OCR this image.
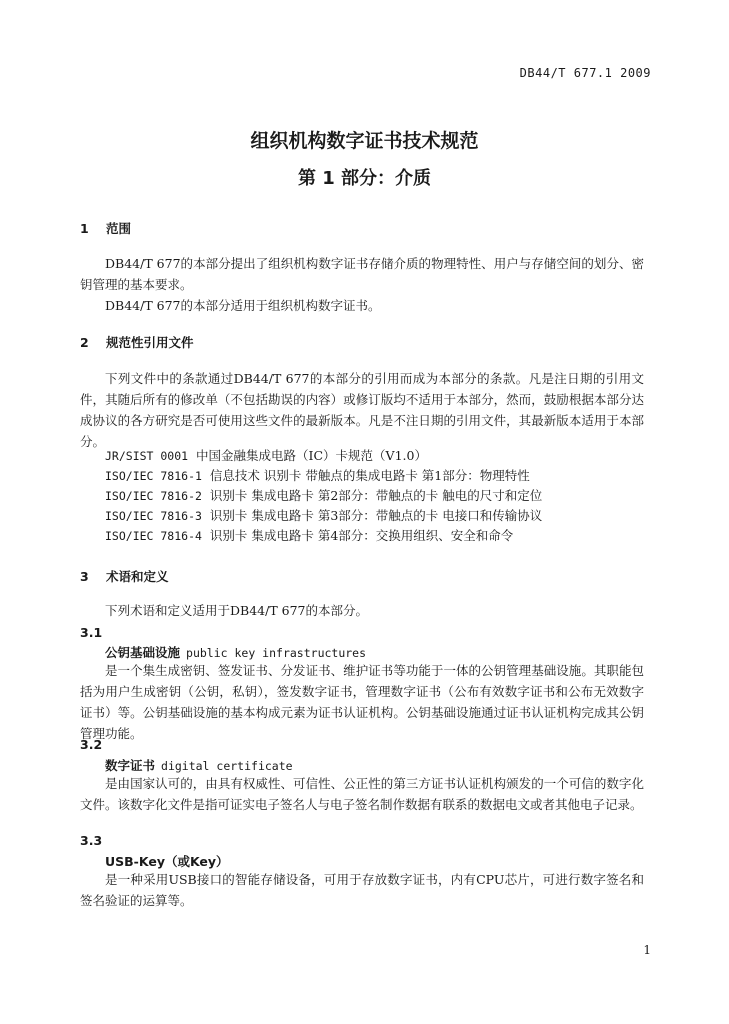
DB44/T 677.1 2009
组织机构数字证书技术规范
第 1 部分：介质
1 范围

DB44/T 677的本部分提出了组织机构数字证书存储介质的物理特性、用户与存储空间的划分、密钥管理的基本要求。

DB44/T 677的本部分适用于组织机构数字证书。

2 规范性引用文件

下列文件中的条款通过DB44/T 677的本部分的引用而成为本部分的条款。凡是注日期的引用文件，其随后所有的修改单（不包括勘误的内容）或修订版均不适用于本部分，然而，鼓励根据本部分达成协议的各方研究是否可使用这些文件的最新版本。凡是不注日期的引用文件，其最新版本适用于本部分。

JR/SIST 0001 中国金融集成电路（IC）卡规范（V1.0）
ISO/IEC 7816-1 信息技术 识别卡 带触点的集成电路卡 第1部分：物理特性
ISO/IEC 7816-2 识别卡 集成电路卡 第2部分：带触点的卡 触电的尺寸和定位
ISO/IEC 7816-3 识别卡 集成电路卡 第3部分：带触点的卡 电接口和传输协议
ISO/IEC 7816-4 识别卡 集成电路卡 第4部分：交换用组织、安全和命令
3 术语和定义

下列术语和定义适用于DB44/T 677的本部分。

3.1
公钥基础设施 public key infrastructures

是一个集生成密钥、签发证书、分发证书、维护证书等功能于一体的公钥管理基础设施。其职能包括为用户生成密钥（公钥，私钥），签发数字证书，管理数字证书（公布有效数字证书和公布无效数字证书）等。公钥基础设施的基本构成元素为证书认证机构。公钥基础设施通过证书认证机构完成其公钥管理功能。

3.2
数字证书 digital certificate

是由国家认可的，由具有权威性、可信性、公正性的第三方证书认证机构颁发的一个可信的数字化文件。该数字化文件是指可证实电子签名人与电子签名制作数据有联系的数据电文或者其他电子记录。

3.3
USB-Key（或Key）

是一种采用USB接口的智能存储设备，可用于存放数字证书，内有CPU芯片，可进行数字签名和签名验证的运算等。

1
